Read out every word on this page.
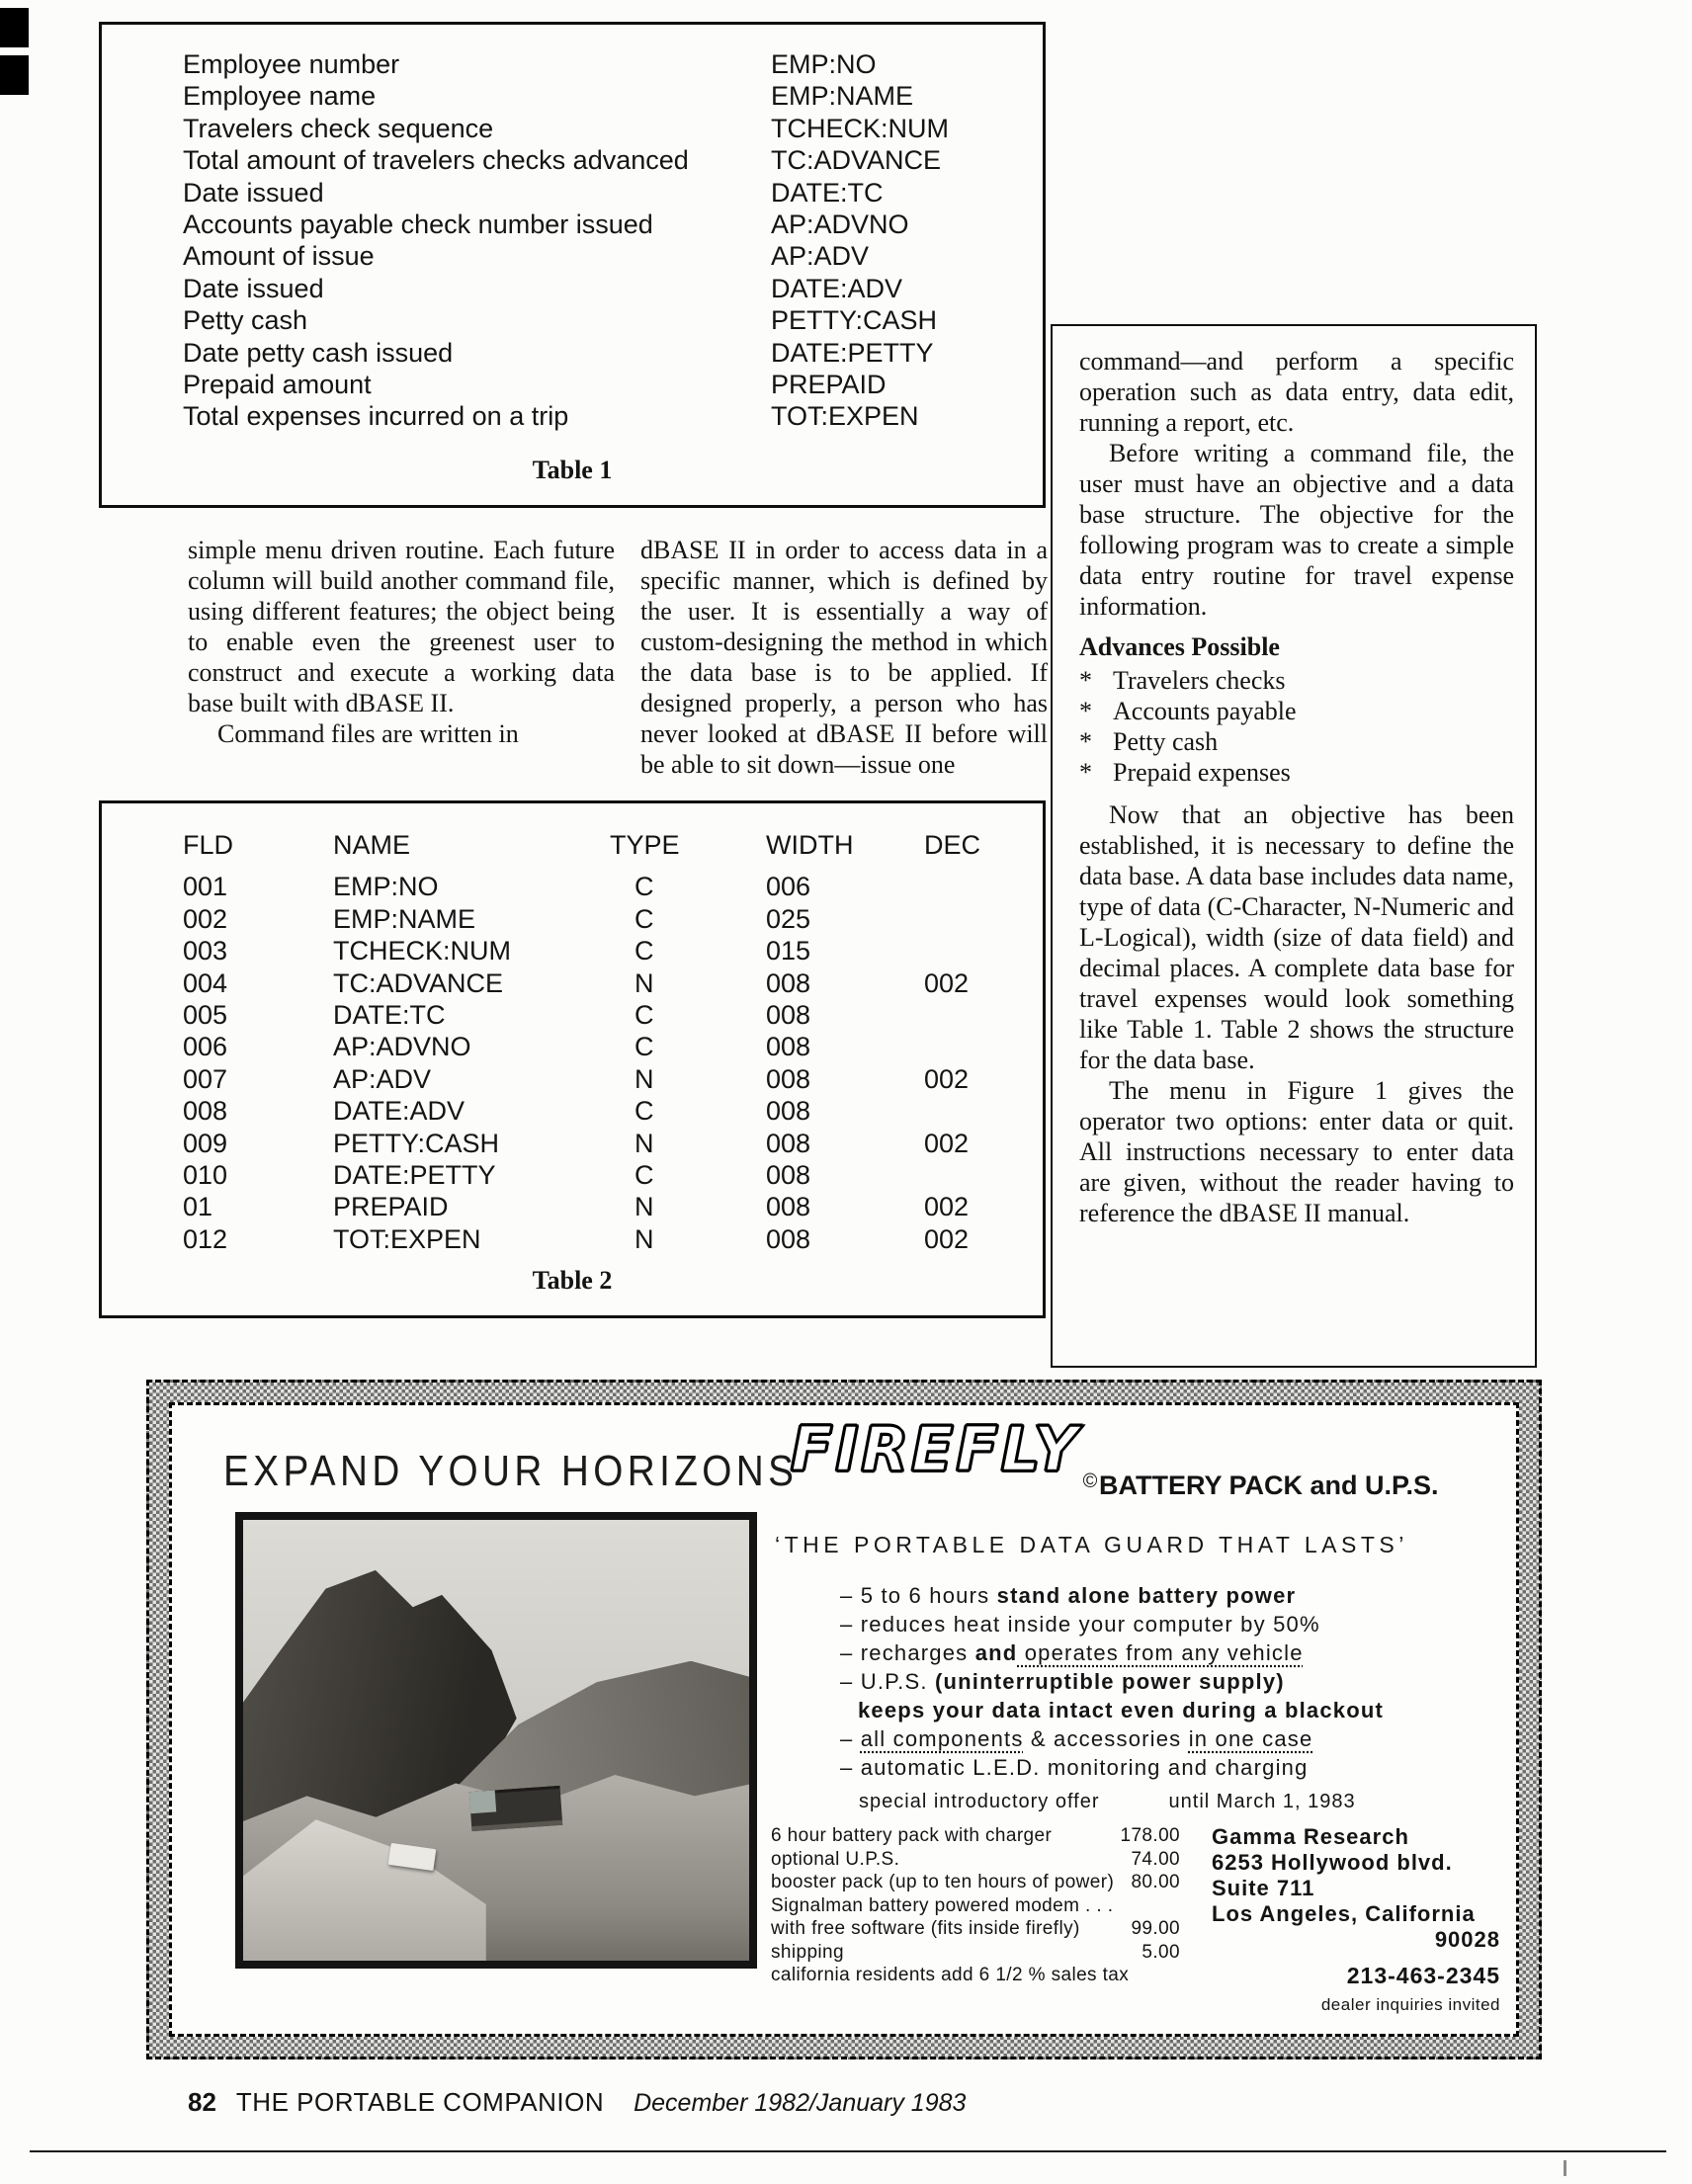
Employee number	EMP:NO
Employee name	EMP:NAME
Travelers check sequence	TCHECK:NUM
Total amount of travelers checks advanced	TC:ADVANCE
Date issued	DATE:TC
Accounts payable check number issued	AP:ADVNO
Amount of issue	AP:ADV
Date issued	DATE:ADV
Petty cash	PETTY:CASH
Date petty cash issued	DATE:PETTY
Prepaid amount	PREPAID
Total expenses incurred on a trip	TOT:EXPEN
Table 1

simple menu driven routine. Each future column will build another command file, using different features; the object being to enable even the greenest user to construct and execute a working data base built with dBASE II.

Command files are written in

dBASE II in order to access data in a specific manner, which is defined by the user. It is essentially a way of custom-designing the method in which the data base is to be applied. If designed properly, a person who has never looked at dBASE II before will be able to sit down—issue one

command—and perform a specific operation such as data entry, data edit, running a report, etc.

Before writing a command file, the user must have an objective and a data base structure. The objective for the following program was to create a simple data entry routine for travel expense information.

Advances Possible

* Travelers checks
* Accounts payable
* Petty cash
* Prepaid expenses

Now that an objective has been established, it is necessary to define the data base. A data base includes data name, type of data (C-Character, N-Numeric and L-Logical), width (size of data field) and decimal places. A complete data base for travel expenses would look something like Table 1. Table 2 shows the structure for the data base.

The menu in Figure 1 gives the operator two options: enter data or quit. All instructions necessary to enter data are given, without the reader having to reference the dBASE II manual.

FLD	NAME	TYPE	WIDTH	DEC
001	EMP:NO	C	006
002	EMP:NAME	C	025
003	TCHECK:NUM	C	015
004	TC:ADVANCE	N	008	002
005	DATE:TC	C	008
006	AP:ADVNO	C	008
007	AP:ADV	N	008	002
008	DATE:ADV	C	008
009	PETTY:CASH	N	008	002
010	DATE:PETTY	C	008
01	PREPAID	N	008	002
012	TOT:EXPEN	N	008	002
Table 2
EXPAND YOUR HORIZONS
FIREFLY © BATTERY PACK and U.P.S.
‘THE PORTABLE DATA GUARD THAT LASTS’
– 5 to 6 hours stand alone battery power
– reduces heat inside your computer by 50%
– recharges and operates from any vehicle
– U.P.S. (uninterruptible power supply)
keeps your data intact even during a blackout
– all components & accessories in one case
– automatic L.E.D. monitoring and charging
special introductory offer	until March 1, 1983
6 hour battery pack with charger	178.00
optional U.P.S.	74.00
booster pack (up to ten hours of power) 80.00
Signalman battery powered modem . . .
with free software (fits inside firefly)	99.00
shipping	5.00
california residents add 6 1/2 % sales tax
Gamma Research
6253 Hollywood blvd.
Suite 711
Los Angeles, California
90028
213-463-2345
dealer inquiries invited
82 THE PORTABLE COMPANION December 1982/January 1983
